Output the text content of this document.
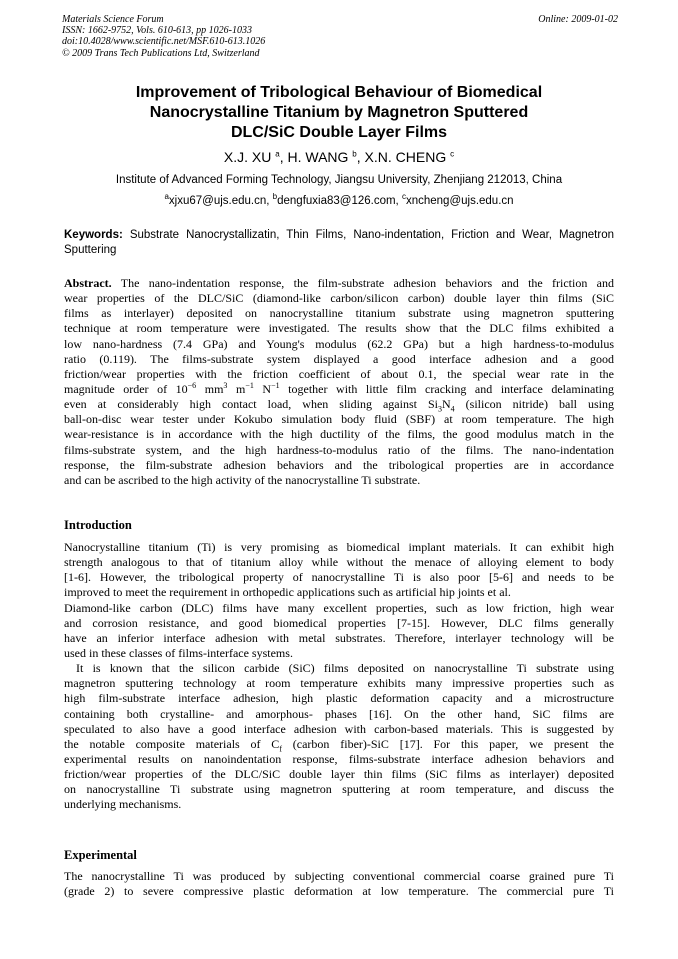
Materials Science Forum	Online: 2009-01-02
ISSN: 1662-9752, Vols. 610-613, pp 1026-1033
doi:10.4028/www.scientific.net/MSF.610-613.1026
© 2009 Trans Tech Publications Ltd, Switzerland
Improvement of Tribological Behaviour of Biomedical
Nanocrystalline Titanium by Magnetron Sputtered
DLC/SiC Double Layer Films
X.J. XU $^a$, H. WANG $^b$, X.N. CHENG $^c$
Institute of Advanced Forming Technology, Jiangsu University, Zhenjiang 212013, China
$^a$xjxu67@ujs.edu.cn, $^b$dengfuxia83@126.com, $^c$xncheng@ujs.edu.cn
Keywords: Substrate Nanocrystallizatin, Thin Films, Nano-indentation, Friction and Wear, Magnetron Sputtering
Abstract. The nano-indentation response, the film-substrate adhesion behaviors and the friction and
wear properties of the DLC/SiC (diamond-like carbon/silicon carbon) double layer thin films (SiC
films as interlayer) deposited on nanocrystalline titanium substrate using magnetron sputtering
technique at room temperature were investigated. The results show that the DLC films exhibited a
low nano-hardness (7.4 GPa) and Young's modulus (62.2 GPa) but a high hardness-to-modulus
ratio (0.119). The films-substrate system displayed a good interface adhesion and a good
friction/wear properties with the friction coefficient of about 0.1, the special wear rate in the
magnitude order of $10^{-6}$ $mm^3$ $m^{-1}$ $N^{-1}$ together with little film cracking and interface delaminating
even at considerably high contact load, when sliding against $Si_3N_4$ (silicon nitride) ball using
ball-on-disc wear tester under Kokubo simulation body fluid (SBF) at room temperature. The high
wear-resistance is in accordance with the high ductility of the films, the good modulus match in the
films-substrate system, and the high hardness-to-modulus ratio of the films. The nano-indentation
response, the film-substrate adhesion behaviors and the tribological properties are in accordance
and can be ascribed to the high activity of the nanocrystalline Ti substrate.
Introduction
Nanocrystalline titanium (Ti) is very promising as biomedical implant materials. It can exhibit high
strength analogous to that of titanium alloy while without the menace of alloying element to body
[1-6]. However, the tribological property of nanocrystalline Ti is also poor [5-6] and needs to be
improved to meet the requirement in orthopedic applications such as artificial hip joints et al.
Diamond-like carbon (DLC) films have many excellent properties, such as low friction, high wear
and corrosion resistance, and good biomedical properties [7-15]. However, DLC films generally
have an inferior interface adhesion with metal substrates. Therefore, interlayer technology will be
used in these classes of films-interface systems.
It is known that the silicon carbide (SiC) films deposited on nanocrystalline Ti substrate using
magnetron sputtering technology at room temperature exhibits many impressive properties such as
high film-substrate interface adhesion, high plastic deformation capacity and a microstructure
containing both crystalline- and amorphous- phases [16]. On the other hand, SiC films are
speculated to also have a good interface adhesion with carbon-based materials. This is suggested by
the notable composite materials of $C_f$ (carbon fiber)-SiC [17]. For this paper, we present the
experimental results on nanoindentation response, films-substrate interface adhesion behaviors and
friction/wear properties of the DLC/SiC double layer thin films (SiC films as interlayer) deposited
on nanocrystalline Ti substrate using magnetron sputtering at room temperature, and discuss the
underlying mechanisms.
Experimental
The nanocrystalline Ti was produced by subjecting conventional commercial coarse grained pure Ti
(grade 2) to severe compressive plastic deformation at low temperature. The commercial pure Ti
